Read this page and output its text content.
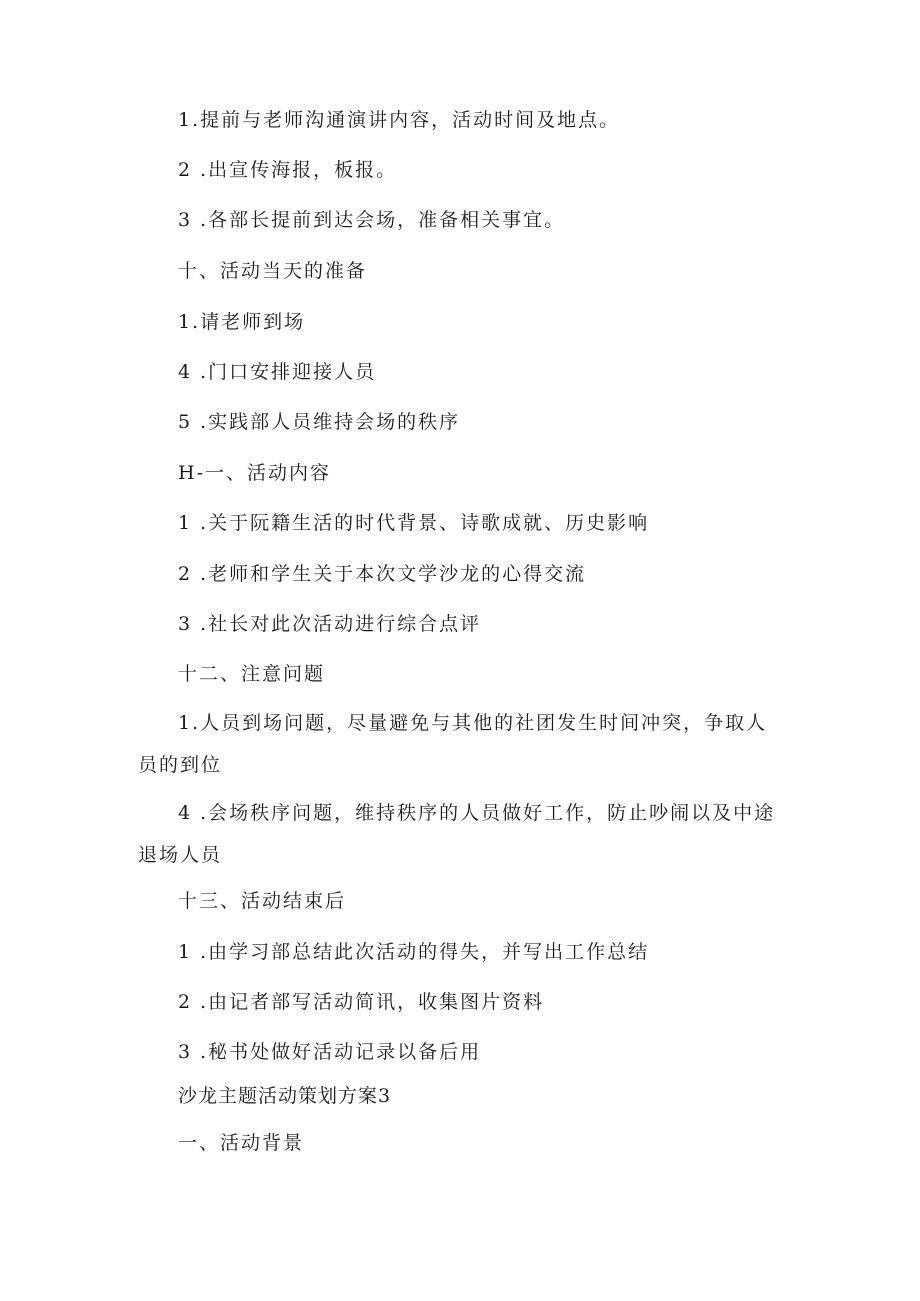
1.提前与老师沟通演讲内容，活动时间及地点。
2 .出宣传海报，板报。
3 .各部长提前到达会场，准备相关事宜。
十、活动当天的准备
1.请老师到场
4 .门口安排迎接人员
5 .实践部人员维持会场的秩序
H-一、活动内容
1 .关于阮籍生活的时代背景、诗歌成就、历史影响
2 .老师和学生关于本次文学沙龙的心得交流
3 .社长对此次活动进行综合点评
十二、注意问题
1.人员到场问题，尽量避免与其他的社团发生时间冲突，争取人员的到位
4 .会场秩序问题，维持秩序的人员做好工作，防止吵闹以及中途退场人员
十三、活动结束后
1 .由学习部总结此次活动的得失，并写出工作总结
2 .由记者部写活动简讯，收集图片资料
3 .秘书处做好活动记录以备后用
沙龙主题活动策划方案3
一、活动背景
